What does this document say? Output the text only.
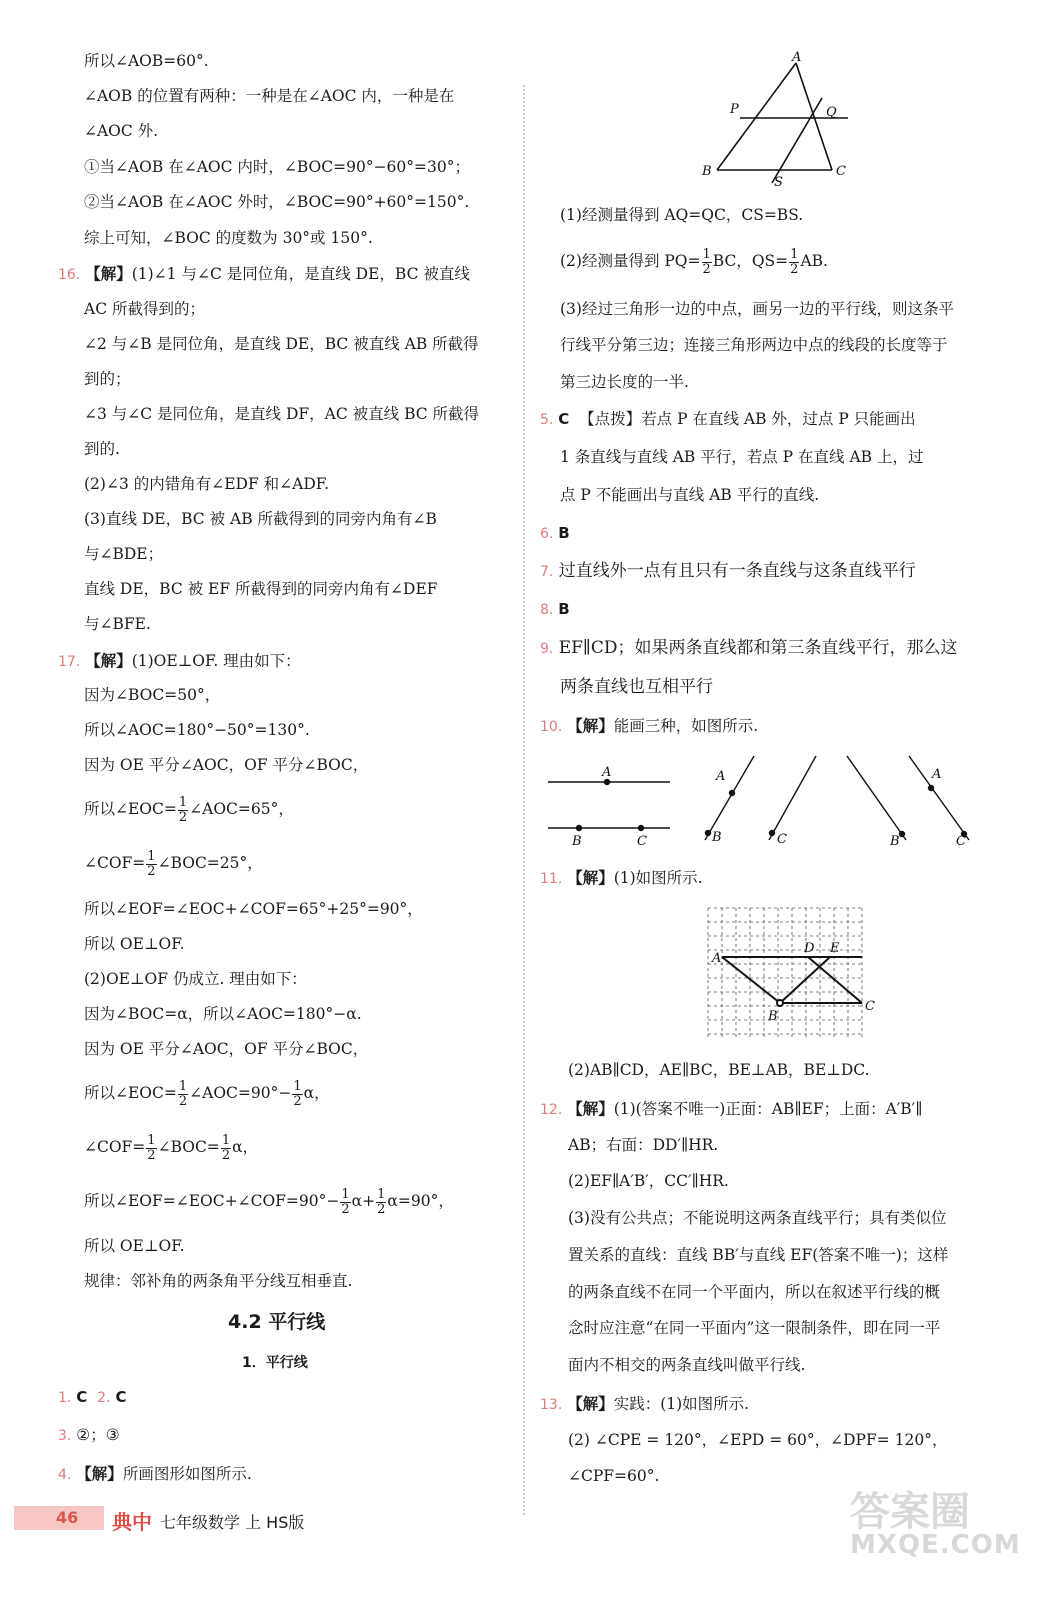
所以∠AOB=60°.
∠AOB 的位置有两种：一种是在∠AOC 内，一种是在
∠AOC 外.
①当∠AOB 在∠AOC 内时，∠BOC=90°−60°=30°；
②当∠AOB 在∠AOC 外时，∠BOC=90°+60°=150°.
综上可知，∠BOC 的度数为 30°或 150°.
16. 【解】(1)∠1 与∠C 是同位角，是直线 DE，BC 被直线
AC 所截得到的；
∠2 与∠B 是同位角，是直线 DE，BC 被直线 AB 所截得
到的；
∠3 与∠C 是同位角，是直线 DF，AC 被直线 BC 所截得
到的.
(2)∠3 的内错角有∠EDF 和∠ADF.
(3)直线 DE，BC 被 AB 所截得到的同旁内角有∠B
与∠BDE；
直线 DE，BC 被 EF 所截得到的同旁内角有∠DEF
与∠BFE.
17. 【解】(1)OE⊥OF. 理由如下：
因为∠BOC=50°，
所以∠AOC=180°−50°=130°.
因为 OE 平分∠AOC，OF 平分∠BOC，
所以∠EOC= $\frac{1}{2}$ ∠AOC=65°，
∠COF= $\frac{1}{2}$ ∠BOC=25°，
所以∠EOF=∠EOC+∠COF=65°+25°=90°，
所以 OE⊥OF.
(2)OE⊥OF 仍成立. 理由如下：
因为∠BOC=α，所以∠AOC=180°−α.
因为 OE 平分∠AOC，OF 平分∠BOC，
所以∠EOC= $\frac{1}{2}$ ∠AOC=90°− $\frac{1}{2}$ α，
∠COF= $\frac{1}{2}$ ∠BOC= $\frac{1}{2}$ α，
所以∠EOF=∠EOC+∠COF=90°− $\frac{1}{2} \alpha+ \frac{1}{2} \alpha=90^\circ$，
所以 OE⊥OF.
规律：邻补角的两条角平分线互相垂直.
4.2 平行线
1．平行线
1. C 2. C
3. ②；③
4. 【解】所画图形如图所示.
A
P	Q
B
S
C
(1)经测量得到 AQ=QC，CS=BS.
(2)经测量得到 $PQ= \frac{1}{2}$ BC，$QS= \frac{1}{2}$ AB.
(3)经过三角形一边的中点，画另一边的平行线，则这条平
行线平分第三边；连接三角形两边中点的线段的长度等于
第三边长度的一半.
5. C 【点拨】若点 P 在直线 AB 外，过点 P 只能画出
1 条直线与直线 AB 平行，若点 P 在直线 AB 上，过
点 P 不能画出与直线 AB 平行的直线.
6. B
7. 过直线外一点有且只有一条直线与这条直线平行
8. B
9. EF∥CD；如果两条直线都和第三条直线平行，那么这
两条直线也互相平行
10. 【解】能画三种，如图所示.
A
B	C
A
B	C
A
B	C
11. 【解】(1)如图所示.
A
D E
B
C
(2)AB∥CD，AE∥BC，BE⊥AB，BE⊥DC.
12. 【解】(1)(答案不唯一)正面：AB∥EF；上面：A′B′∥
AB；右面：DD′∥HR.
(2)EF∥A′B′，CC′∥HR.
(3)没有公共点；不能说明这两条直线平行；具有类似位
置关系的直线：直线 BB′与直线 EF(答案不唯一)；这样
的两条直线不在同一个平面内，所以在叙述平行线的概
念时应注意“在同一平面内”这一限制条件，即在同一平
面内不相交的两条直线叫做平行线.
13. 【解】实践：(1)如图所示.
(2) ∠CPE = 120°，∠EPD = 60°，∠DPF= 120°，
∠CPF=60°.
46	典中 七年级数学 上 HS版	答案圈
MXQE.COM
